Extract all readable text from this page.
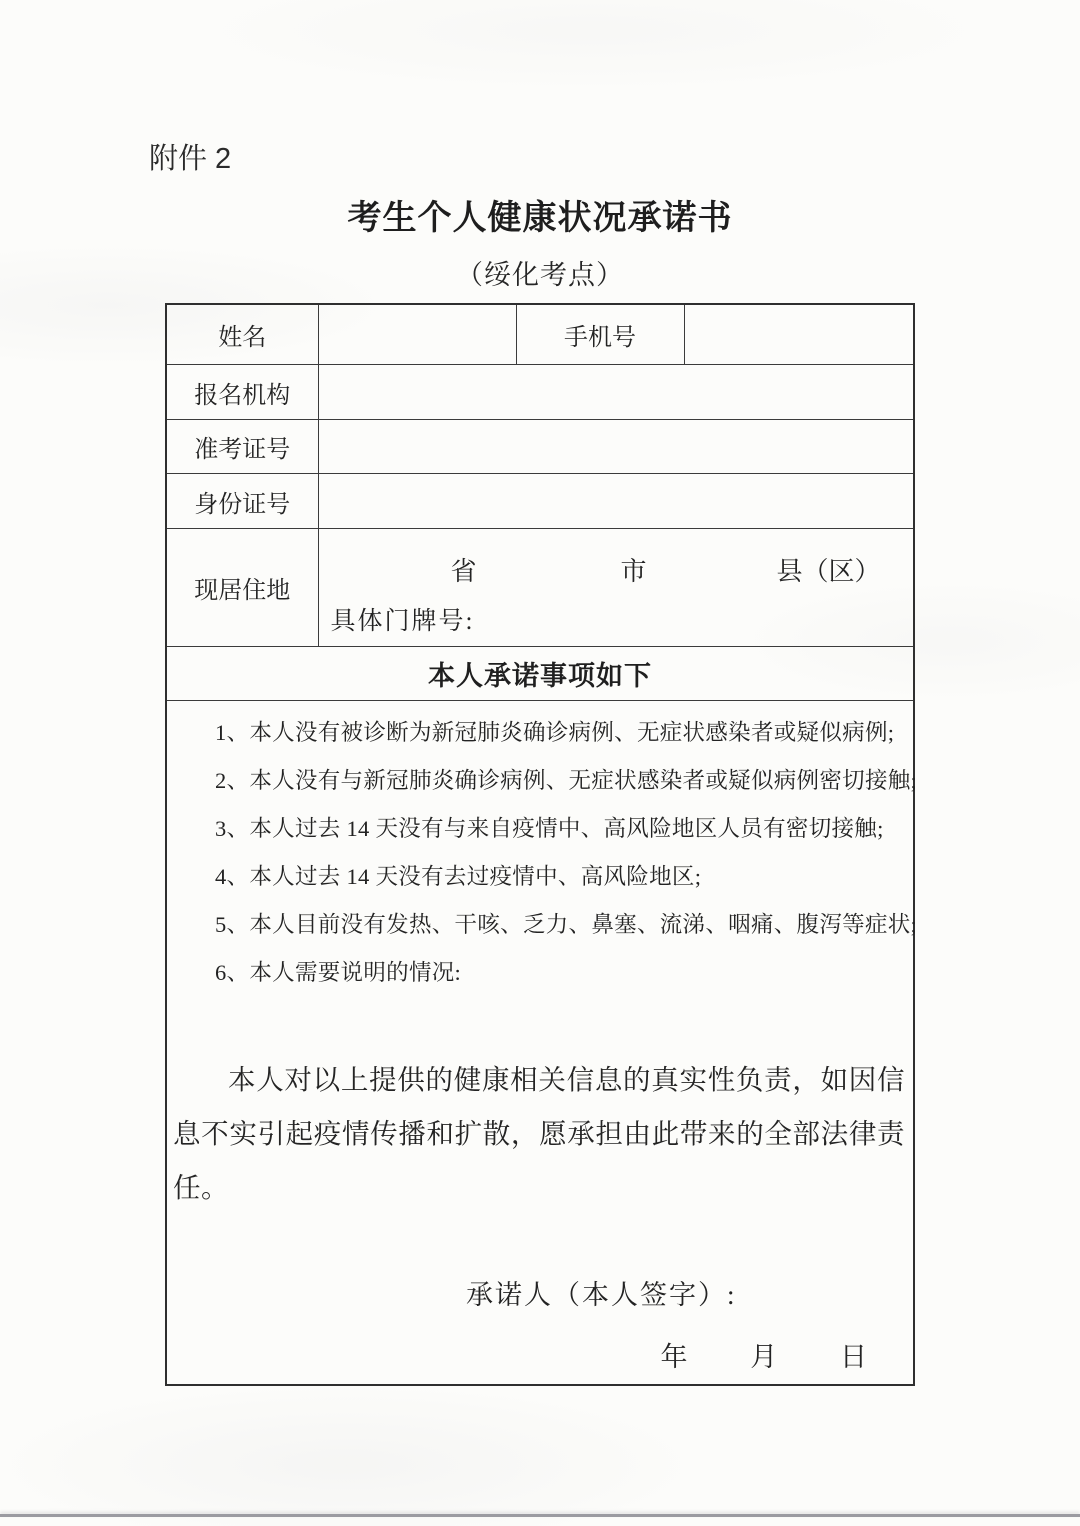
附件 2
考生个人健康状况承诺书
（绥化考点）
姓名		手机号	
报名机构			
准考证号			
身份证号			
现居住地	省 市 县（区）
具体门牌号:		

本人承诺事项如下			

1、本人没有被诊断为新冠肺炎确诊病例、无症状感染者或疑似病例;
2、本人没有与新冠肺炎确诊病例、无症状感染者或疑似病例密切接触;
3、本人过去 14 天没有与来自疫情中、高风险地区人员有密切接触;
4、本人过去 14 天没有去过疫情中、高风险地区;
5、本人目前没有发热、干咳、乏力、鼻塞、流涕、咽痛、腹泻等症状;
6、本人需要说明的情况:

本人对以上提供的健康相关信息的真实性负责，如因信息不实引起疫情传播和扩散，愿承担由此带来的全部法律责任。

承诺人（本人签字）:
年 月 日
